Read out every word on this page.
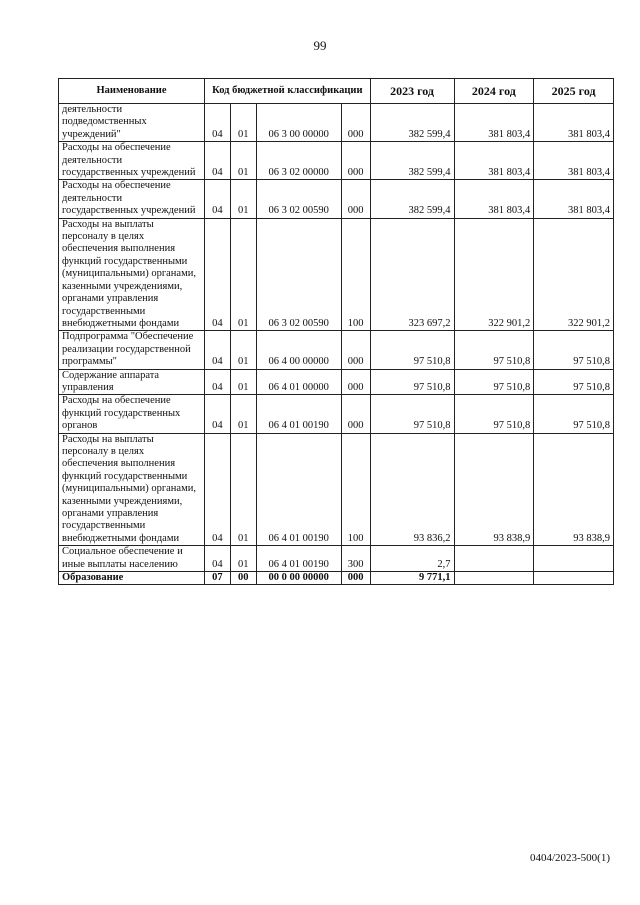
99
Наименование	Код бюджетной классификации				2023 год	2024 год	2025 год
деятельности подведомственных учреждений"	04	01	06 3 00 00000	000	382 599,4	381 803,4	381 803,4
Расходы на обеспечение деятельности государственных учреждений	04	01	06 3 02 00000	000	382 599,4	381 803,4	381 803,4
Расходы на обеспечение деятельности государственных учреждений	04	01	06 3 02 00590	000	382 599,4	381 803,4	381 803,4
Расходы на выплаты персоналу в целях обеспечения выполнения функций государственными (муниципальными) органами, казенными учреждениями, органами управления государственными внебюджетными фондами	04	01	06 3 02 00590	100	323 697,2	322 901,2	322 901,2
Подпрограмма "Обеспечение реализации государственной программы"	04	01	06 4 00 00000	000	97 510,8	97 510,8	97 510,8
Содержание аппарата управления	04	01	06 4 01 00000	000	97 510,8	97 510,8	97 510,8
Расходы на обеспечение функций государственных органов	04	01	06 4 01 00190	000	97 510,8	97 510,8	97 510,8
Расходы на выплаты персоналу в целях обеспечения выполнения функций государственными (муниципальными) органами, казенными учреждениями, органами управления государственными внебюджетными фондами	04	01	06 4 01 00190	100	93 836,2	93 838,9	93 838,9
Социальное обеспечение и иные выплаты населению	04	01	06 4 01 00190	300	2,7		
Образование	07	00	00 0 00 00000	000	9 771,1		
0404/2023-500(1)
